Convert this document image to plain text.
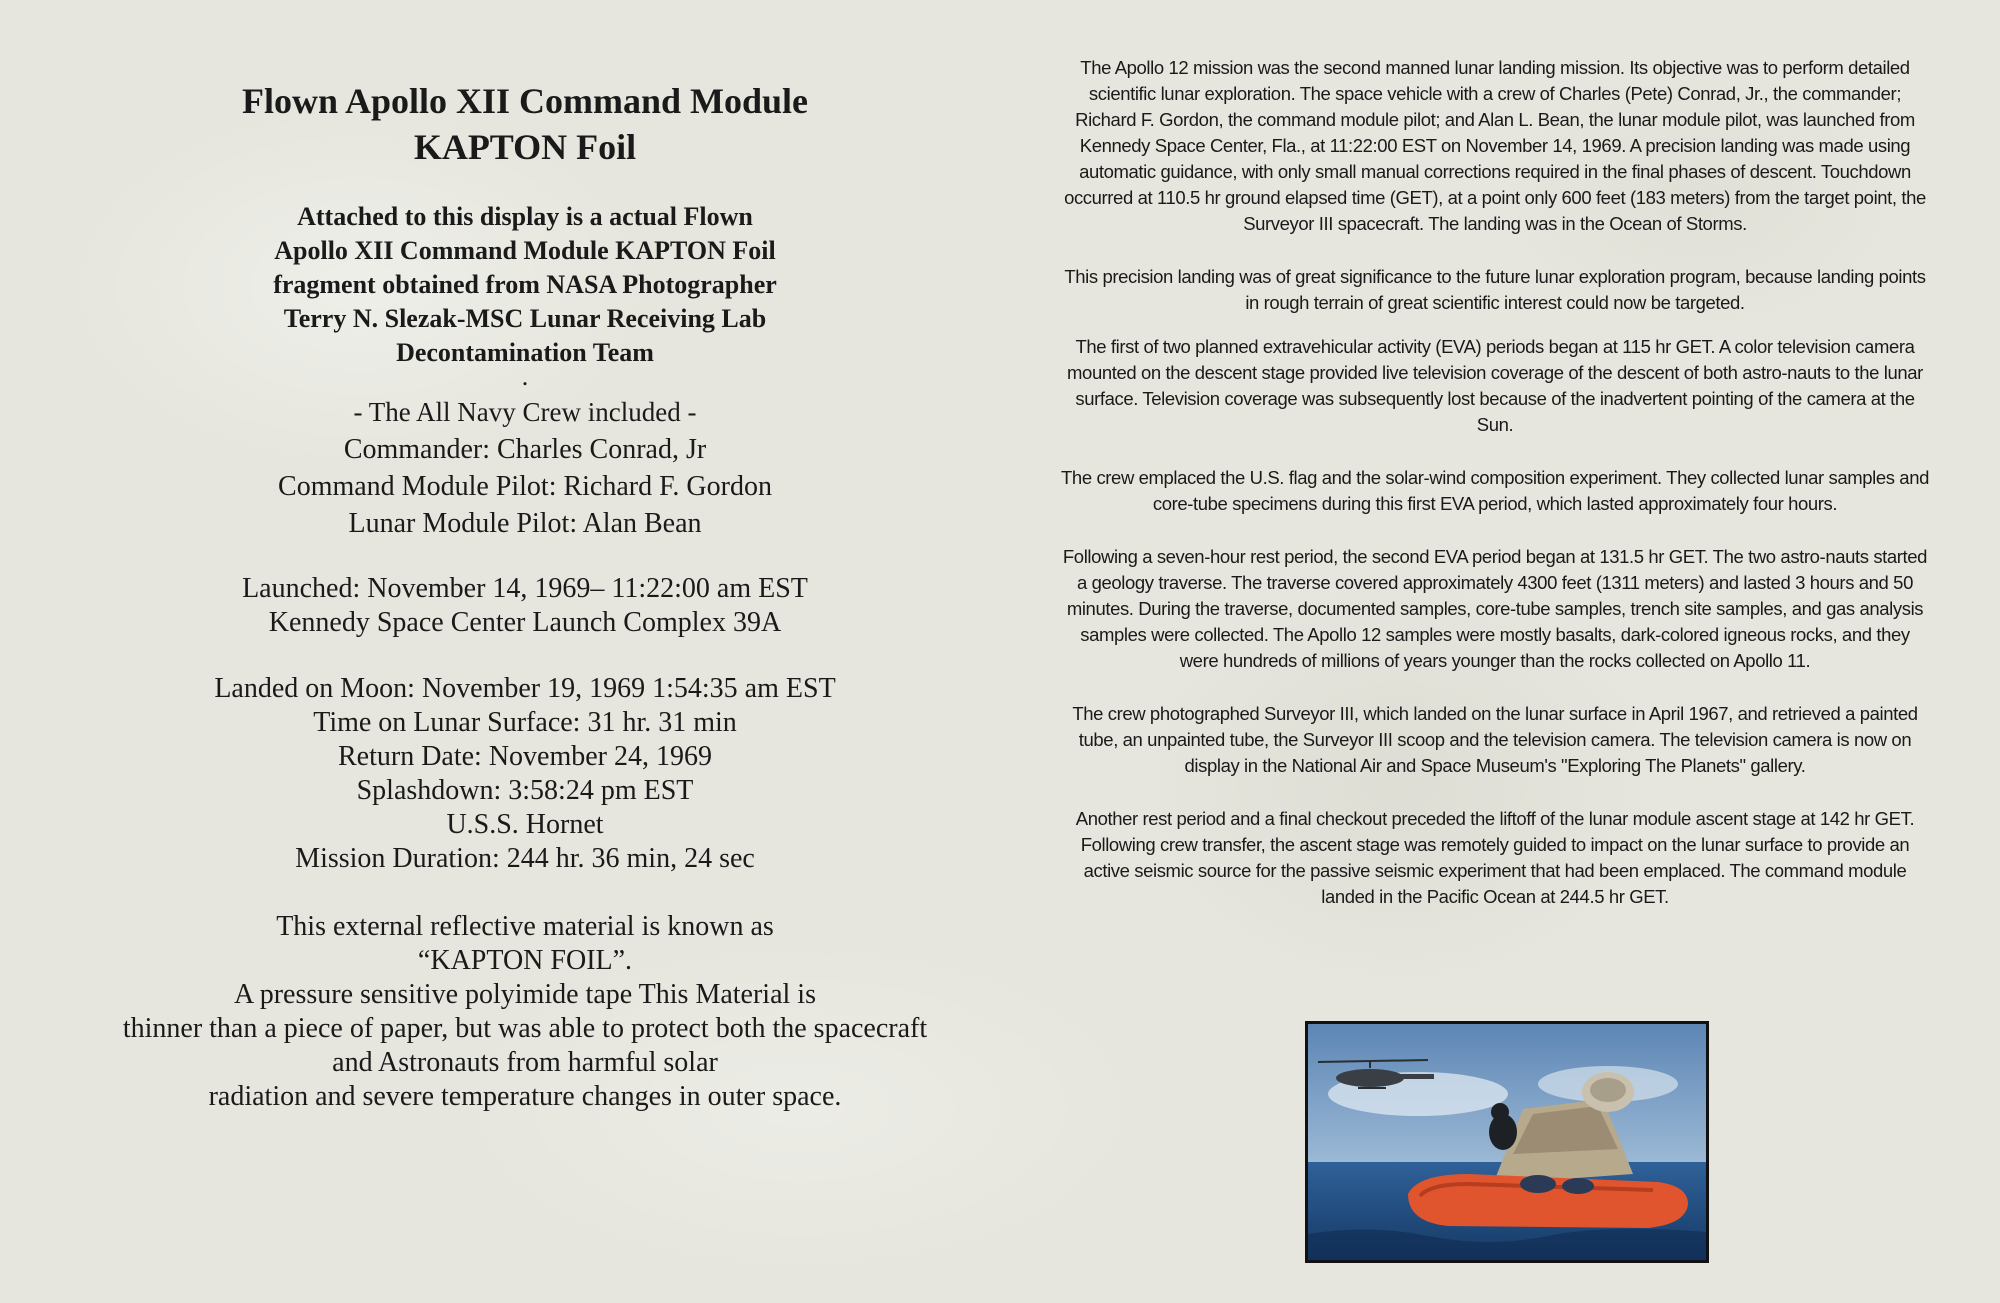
Flown Apollo XII Command Module
KAPTON Foil

Attached to this display is a actual Flown
Apollo XII Command Module KAPTON Foil
fragment obtained from NASA Photographer
Terry N. Slezak-MSC Lunar Receiving Lab
Decontamination Team

.

- The All Navy Crew included -

Commander: Charles Conrad, Jr

Command Module Pilot: Richard F. Gordon

Lunar Module Pilot: Alan Bean

Launched: November 14, 1969– 11:22:00 am EST

Kennedy Space Center Launch Complex 39A

Landed on Moon: November 19, 1969 1:54:35 am EST

Time on Lunar Surface: 31 hr. 31 min

Return Date: November 24, 1969

Splashdown: 3:58:24 pm EST

U.S.S. Hornet

Mission Duration: 244 hr. 36 min, 24 sec

This external reflective material is known as

“KAPTON FOIL”.

A pressure sensitive polyimide tape This Material is

thinner than a piece of paper, but was able to protect both the spacecraft

and Astronauts from harmful solar

radiation and severe temperature changes in outer space.

The Apollo 12 mission was the second manned lunar landing mission. Its objective was to perform detailed scientific lunar exploration. The space vehicle with a crew of Charles (Pete) Conrad, Jr., the commander; Richard F. Gordon, the command module pilot; and Alan L. Bean, the lunar module pilot, was launched from Kennedy Space Center, Fla., at 11:22:00 EST on November 14, 1969. A precision landing was made using automatic guidance, with only small manual corrections required in the final phases of descent. Touchdown occurred at 110.5 hr ground elapsed time (GET), at a point only 600 feet (183 meters) from the target point, the Surveyor III spacecraft. The landing was in the Ocean of Storms.

This precision landing was of great significance to the future lunar exploration program, because landing points in rough terrain of great scientific interest could now be targeted.

The first of two planned extravehicular activity (EVA) periods began at 115 hr GET. A color television camera mounted on the descent stage provided live television coverage of the descent of both astro-nauts to the lunar surface. Television coverage was subsequently lost because of the inadvertent pointing of the camera at the Sun.

The crew emplaced the U.S. flag and the solar-wind composition experiment. They collected lunar samples and core-tube specimens during this first EVA period, which lasted approximately four hours.

Following a seven-hour rest period, the second EVA period began at 131.5 hr GET. The two astro-nauts started a geology traverse. The traverse covered approximately 4300 feet (1311 meters) and lasted 3 hours and 50 minutes. During the traverse, documented samples, core-tube samples, trench site samples, and gas analysis samples were collected. The Apollo 12 samples were mostly basalts, dark-colored igneous rocks, and they were hundreds of millions of years younger than the rocks collected on Apollo 11.

The crew photographed Surveyor III, which landed on the lunar surface in April 1967, and retrieved a painted tube, an unpainted tube, the Surveyor III scoop and the television camera. The television camera is now on display in the National Air and Space Museum's "Exploring The Planets" gallery.

Another rest period and a final checkout preceded the liftoff of the lunar module ascent stage at 142 hr GET. Following crew transfer, the ascent stage was remotely guided to impact on the lunar surface to provide an active seismic source for the passive seismic experiment that had been emplaced. The command module landed in the Pacific Ocean at 244.5 hr GET.
